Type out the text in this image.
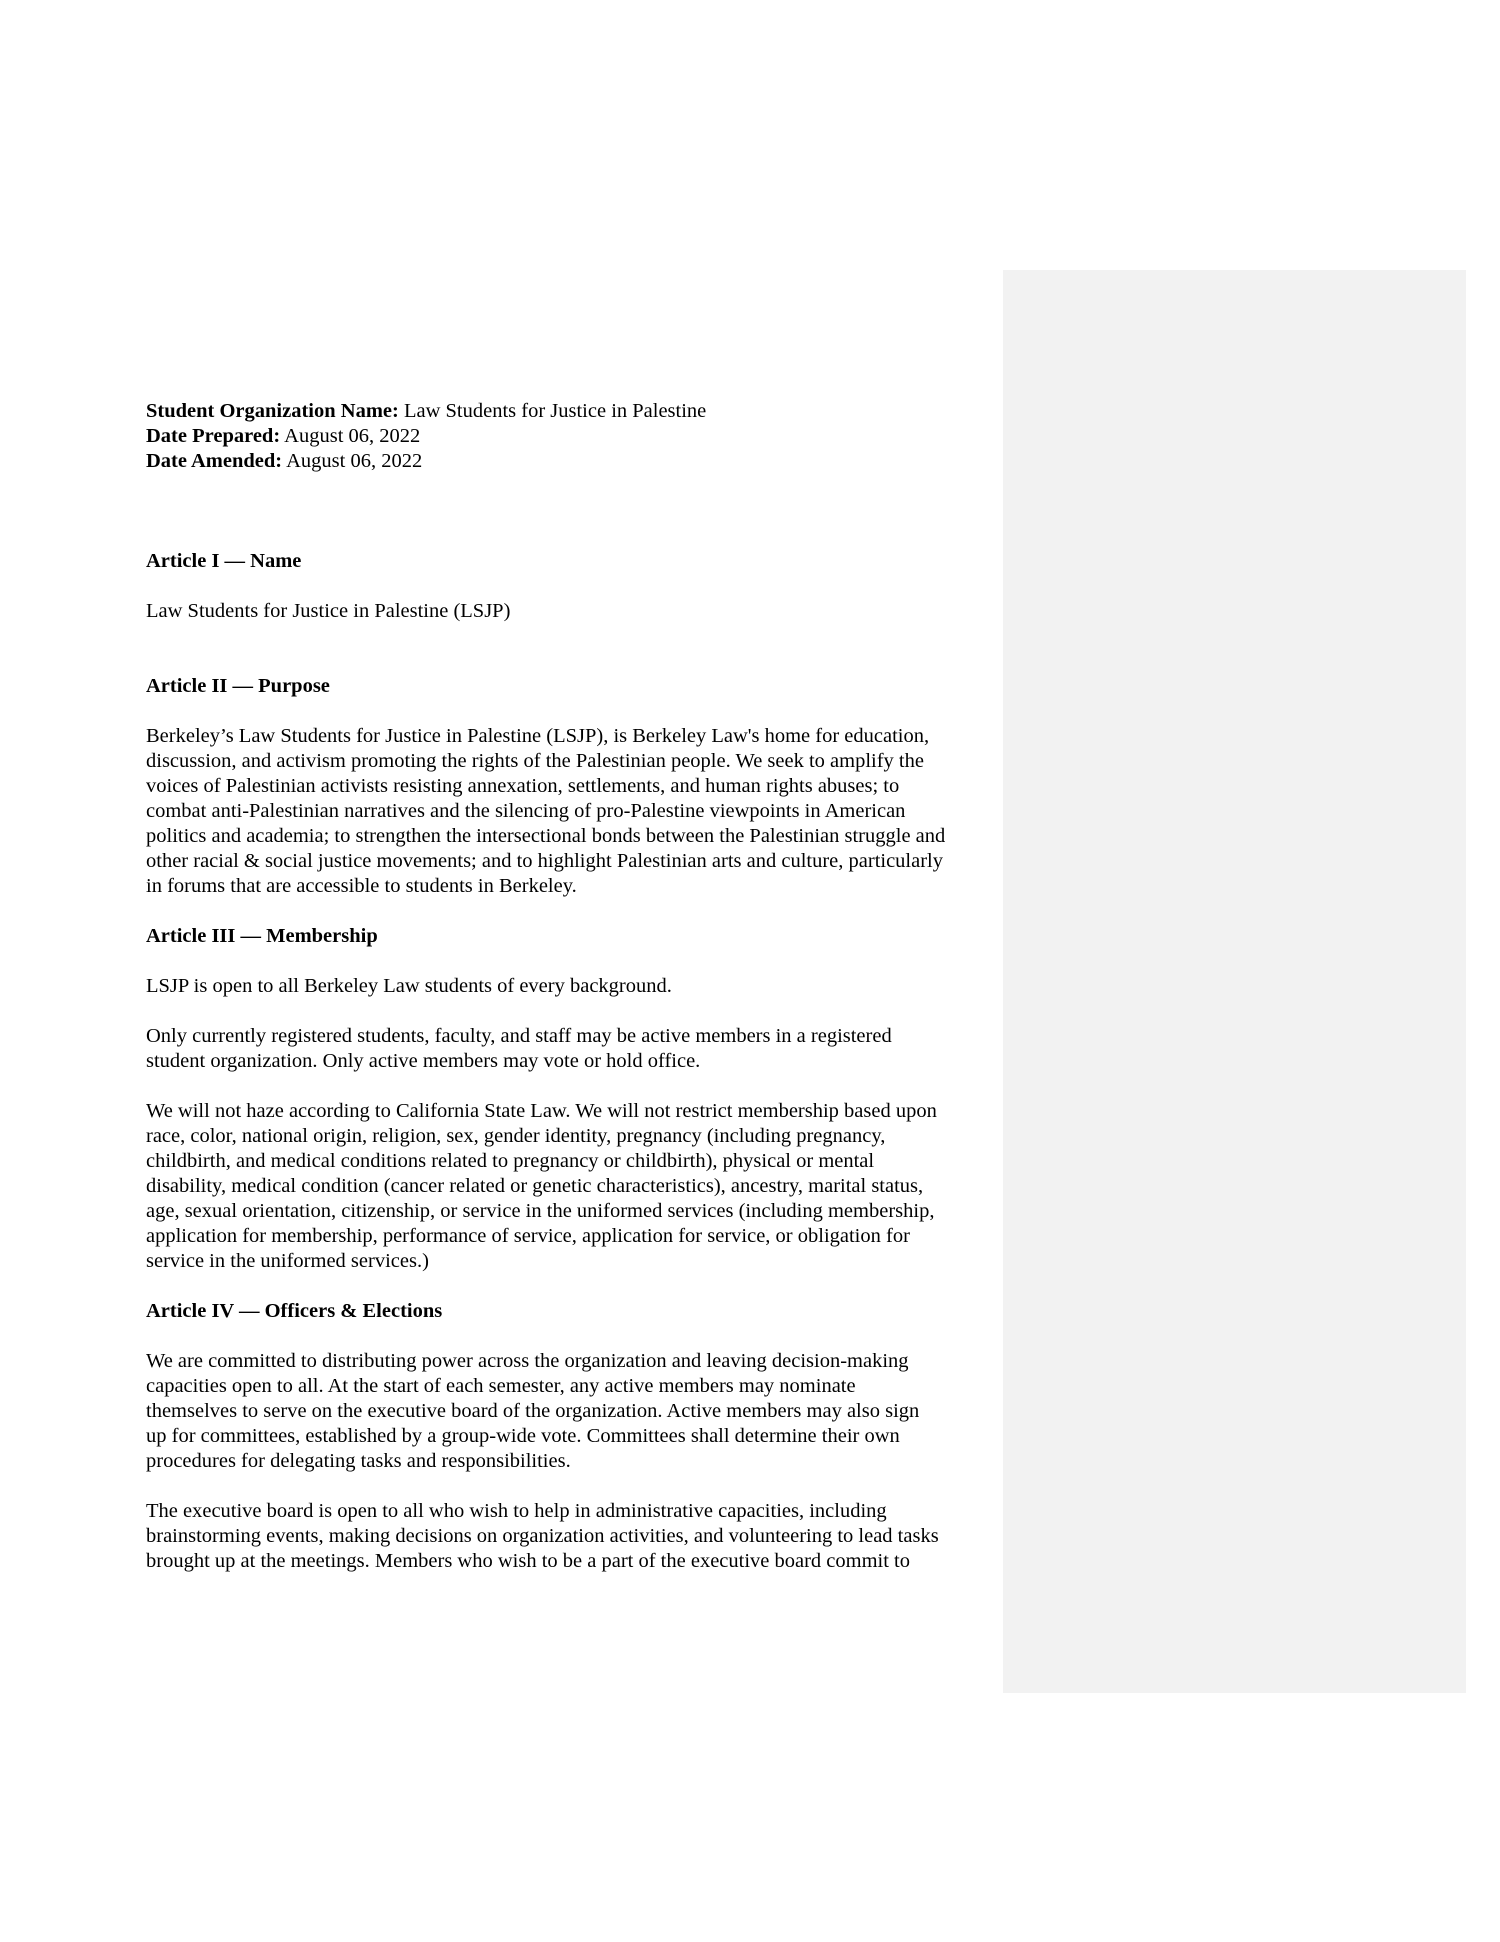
Student Organization Name: Law Students for Justice in Palestine
Date Prepared: August 06, 2022
Date Amended: August 06, 2022
Article I — Name
Law Students for Justice in Palestine (LSJP)
Article II — Purpose
Berkeley’s Law Students for Justice in Palestine (LSJP), is Berkeley Law's home for education,
discussion, and activism promoting the rights of the Palestinian people. We seek to amplify the
voices of Palestinian activists resisting annexation, settlements, and human rights abuses; to
combat anti-Palestinian narratives and the silencing of pro-Palestine viewpoints in American
politics and academia; to strengthen the intersectional bonds between the Palestinian struggle and
other racial & social justice movements; and to highlight Palestinian arts and culture, particularly
in forums that are accessible to students in Berkeley.
Article III — Membership
LSJP is open to all Berkeley Law students of every background.
Only currently registered students, faculty, and staff may be active members in a registered
student organization. Only active members may vote or hold office.
We will not haze according to California State Law. We will not restrict membership based upon
race, color, national origin, religion, sex, gender identity, pregnancy (including pregnancy,
childbirth, and medical conditions related to pregnancy or childbirth), physical or mental
disability, medical condition (cancer related or genetic characteristics), ancestry, marital status,
age, sexual orientation, citizenship, or service in the uniformed services (including membership,
application for membership, performance of service, application for service, or obligation for
service in the uniformed services.)
Article IV — Officers & Elections
We are committed to distributing power across the organization and leaving decision-making
capacities open to all. At the start of each semester, any active members may nominate
themselves to serve on the executive board of the organization. Active members may also sign
up for committees, established by a group-wide vote. Committees shall determine their own
procedures for delegating tasks and responsibilities.
The executive board is open to all who wish to help in administrative capacities, including
brainstorming events, making decisions on organization activities, and volunteering to lead tasks
brought up at the meetings. Members who wish to be a part of the executive board commit to
